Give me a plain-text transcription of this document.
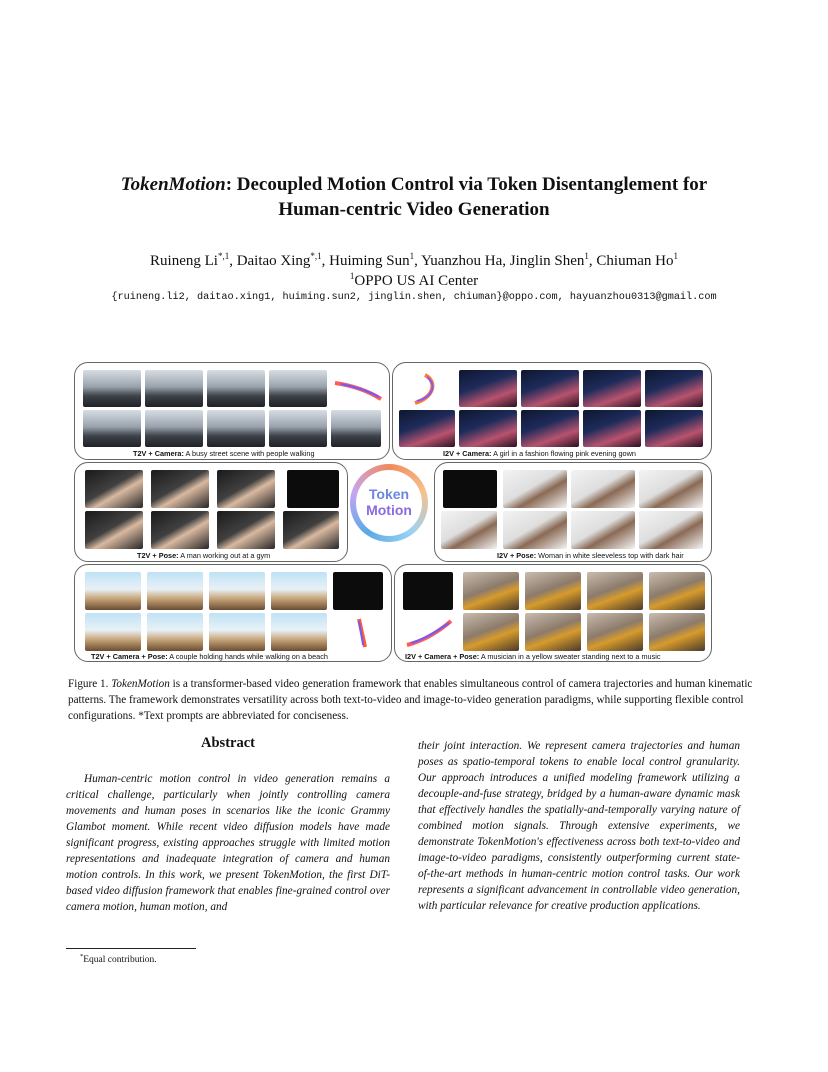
TokenMotion: Decoupled Motion Control via Token Disentanglement for
Human-centric Video Generation
Ruineng $Li^{*,1}$, Daitao Xing$^{*,1}$, Huiming Sun$^1$, Yuanzhou Ha, Jinglin Shen$^1$, Chiuman Ho$^1$
$^1$OPPO US AI Center
{ruineng.li2, daitao.xing1, huiming.sun2, jinglin.shen, chiuman}@oppo.com, hayuanzhou0313@gmail.com
T2V + Camera: A busy street scene with people walking	I2V + Camera: A girl in a fashion flowing pink evening gown
T2V + Pose: A man working out at a gym
Token
Motion
I2V + Pose: Woman in white sleeveless top with dark hair
T2V + Camera + Pose: A couple holding hands while walking on a beach	I2V + Camera + Pose: A musician in a yellow sweater standing next to a music
Figure 1. TokenMotion is a transformer-based video generation framework that enables simultaneous control of camera trajectories and human kinematic patterns. The framework demonstrates versatility across both text-to-video and image-to-video generation paradigms, while supporting flexible control configurations. *Text prompts are abbreviated for conciseness.
Abstract
Human-centric motion control in video generation remains a critical challenge, particularly when jointly controlling camera movements and human poses in scenarios like the iconic Grammy Glambot moment. While recent video diffusion models have made significant progress, existing approaches struggle with limited motion representations and inadequate integration of camera and human motion controls. In this work, we present TokenMotion, the first DiT-based video diffusion framework that enables fine-grained control over camera motion, human motion, and
their joint interaction. We represent camera trajectories and human poses as spatio-temporal tokens to enable local control granularity. Our approach introduces a unified modeling framework utilizing a decouple-and-fuse strategy, bridged by a human-aware dynamic mask that effectively handles the spatially-and-temporally varying nature of combined motion signals. Through extensive experiments, we demonstrate TokenMotion's effectiveness across both text-to-video and image-to-video paradigms, consistently outperforming current state-of-the-art methods in human-centric motion control tasks. Our work represents a significant advancement in controllable video generation, with particular relevance for creative production applications.
*Equal contribution.
